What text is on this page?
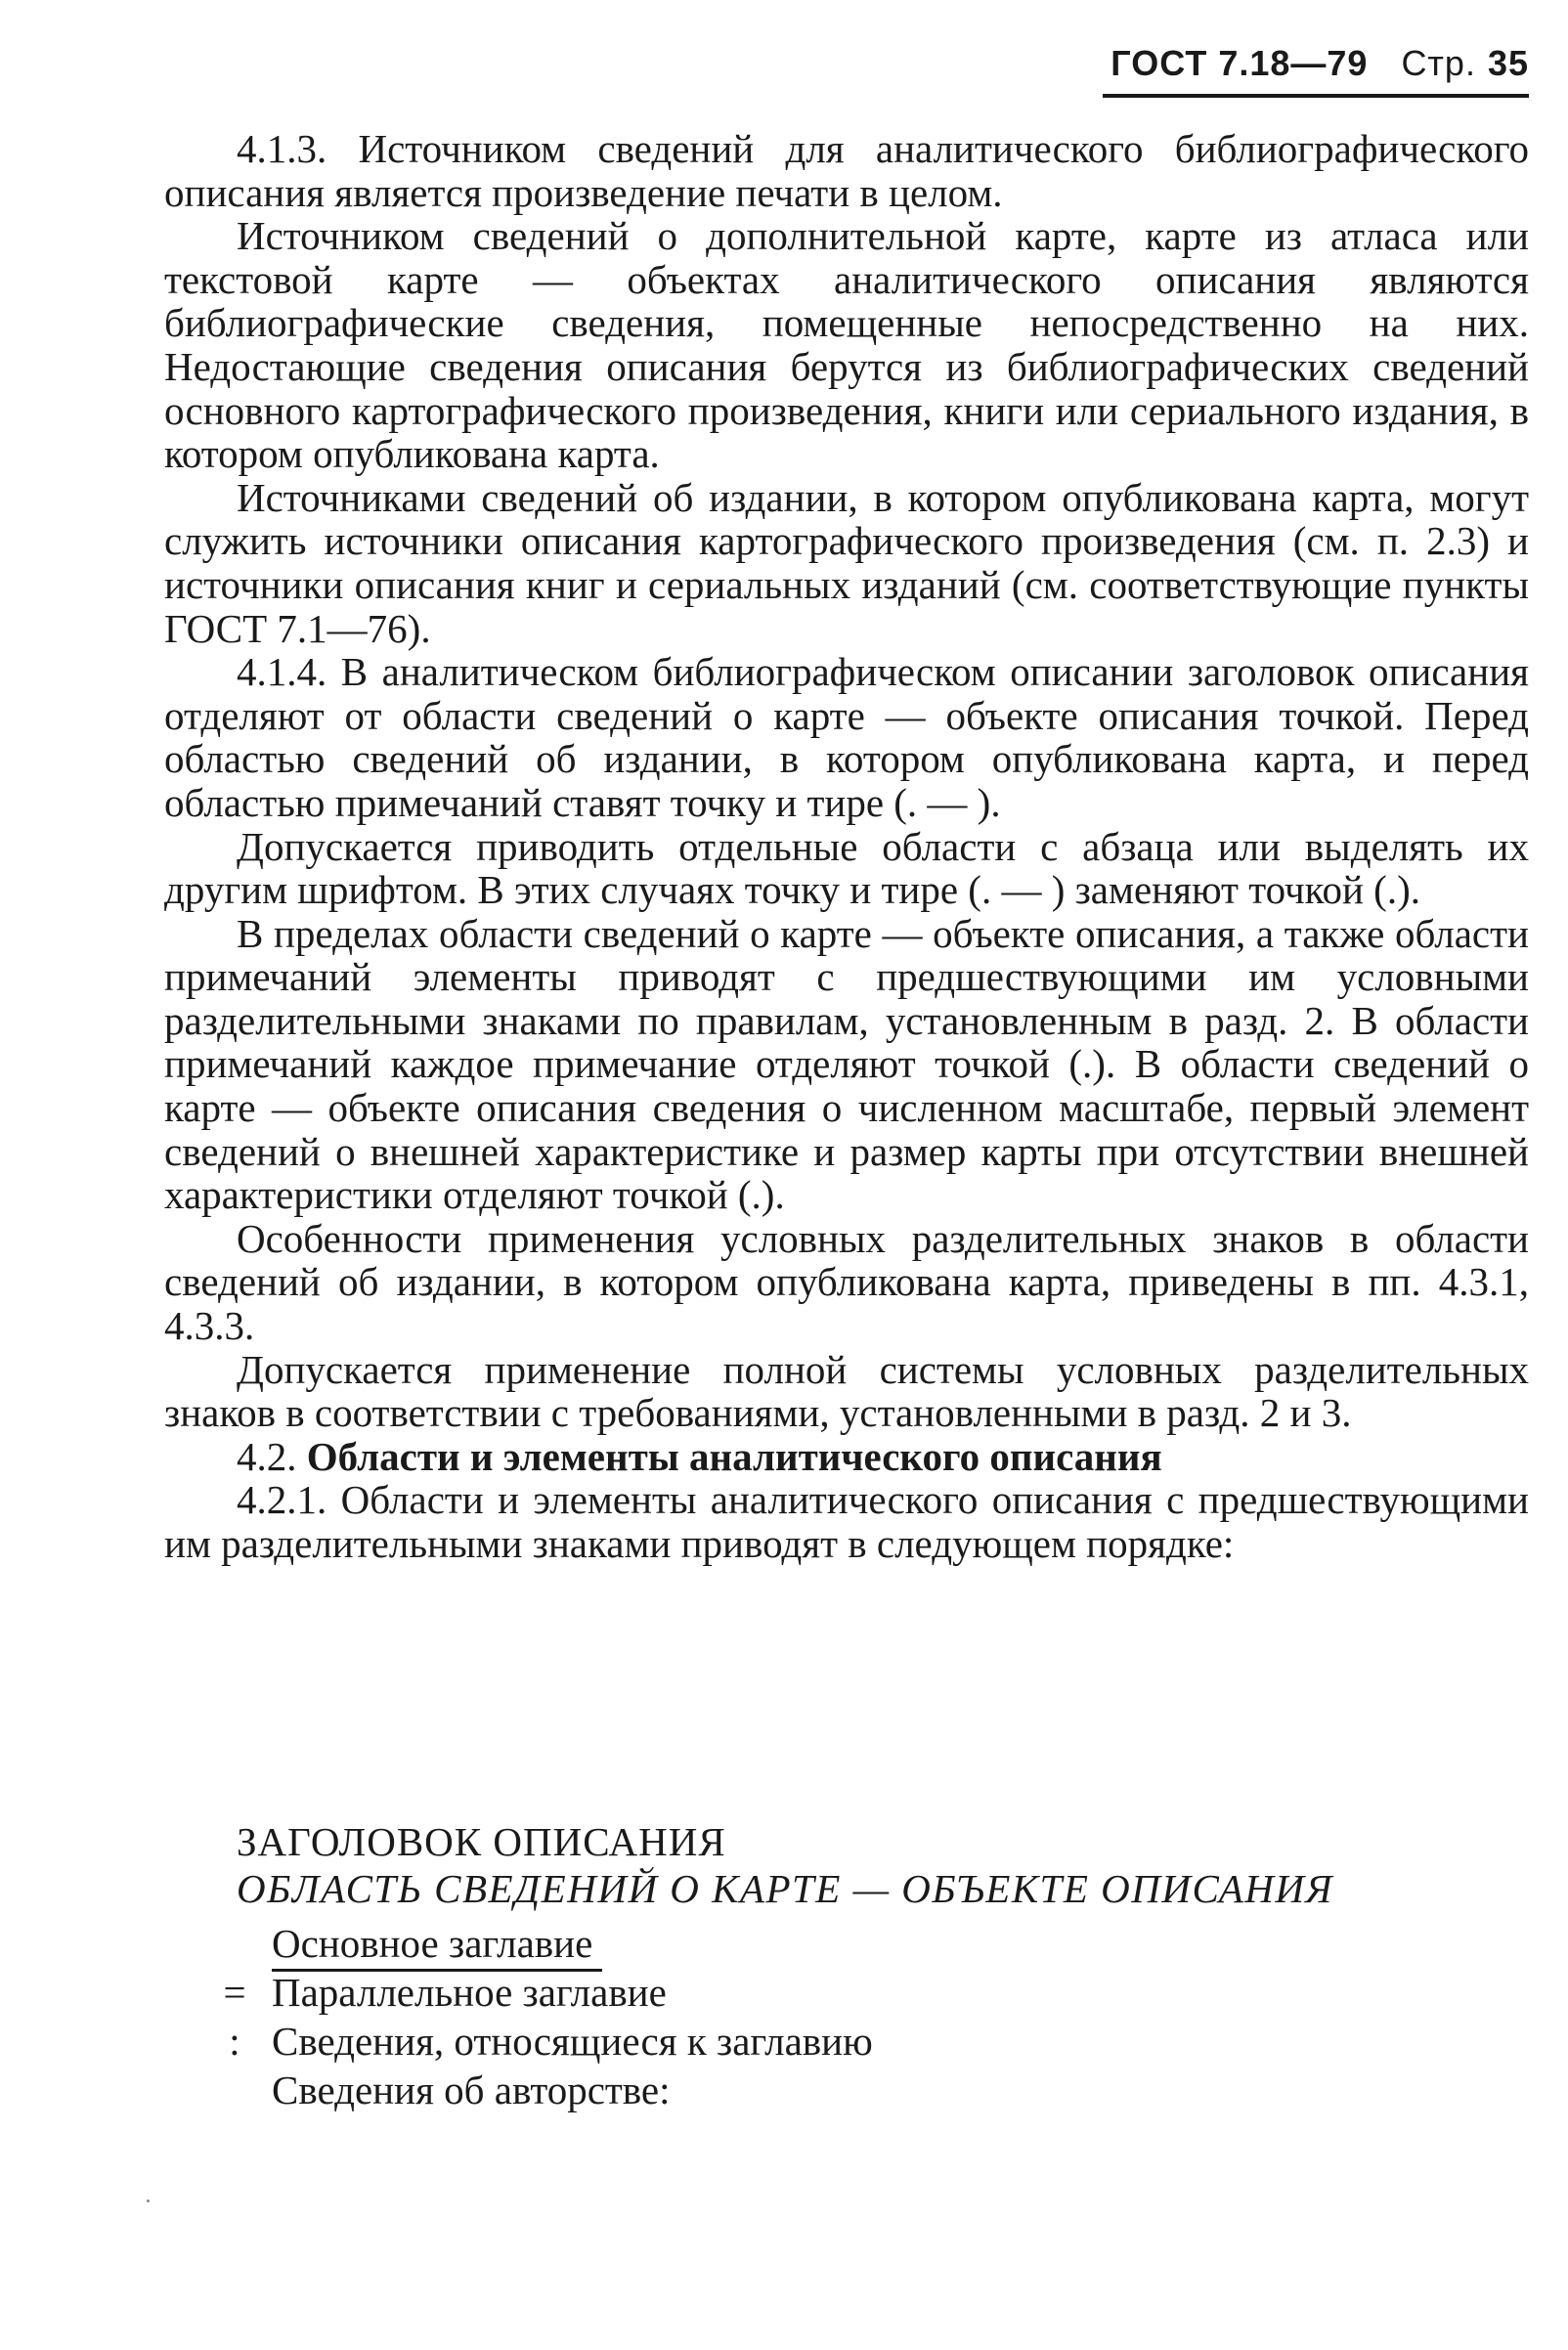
ГОСТ 7.18—79 Стр. 35

4.1.3. Источником сведений для аналитического библиографического описания является произведение печати в целом.

Источником сведений о дополнительной карте, карте из атласа или текстовой карте — объектах аналитического описания являются библиографические сведения, помещенные непосредственно на них. Недостающие сведения описания берутся из библиографических сведений основного картографического произведения, книги или сериального издания, в котором опубликована карта.

Источниками сведений об издании, в котором опубликована карта, могут служить источники описания картографического произведения (см. п. 2.3) и источники описания книг и сериальных изданий (см. соответствующие пункты ГОСТ 7.1—76).

4.1.4. В аналитическом библиографическом описании заголовок описания отделяют от области сведений о карте — объекте описания точкой. Перед областью сведений об издании, в котором опубликована карта, и перед областью примечаний ставят точку и тире (. — ).

Допускается приводить отдельные области с абзаца или выделять их другим шрифтом. В этих случаях точку и тире (. — ) заменяют точкой (.).

В пределах области сведений о карте — объекте описания, а также области примечаний элементы приводят с предшествующими им условными разделительными знаками по правилам, установленным в разд. 2. В области примечаний каждое примечание отделяют точкой (.). В области сведений о карте — объекте описания сведения о численном масштабе, первый элемент сведений о внешней характеристике и размер карты при отсутствии внешней характеристики отделяют точкой (.).

Особенности применения условных разделительных знаков в области сведений об издании, в котором опубликована карта, приведены в пп. 4.3.1, 4.3.3.

Допускается применение полной системы условных разделительных знаков в соответствии с требованиями, установленными в разд. 2 и 3.

4.2. Области и элементы аналитического описания

4.2.1. Области и элементы аналитического описания с предшествующими им разделительными знаками приводят в следующем порядке:

ЗАГОЛОВОК ОПИСАНИЯ
ОБЛАСТЬ СВЕДЕНИЙ О КАРТЕ — ОБЪЕКТЕ ОПИСАНИЯ
Основное заглавие
= Параллельное заглавие
: Сведения, относящиеся к заглавию
Сведения об авторстве:
